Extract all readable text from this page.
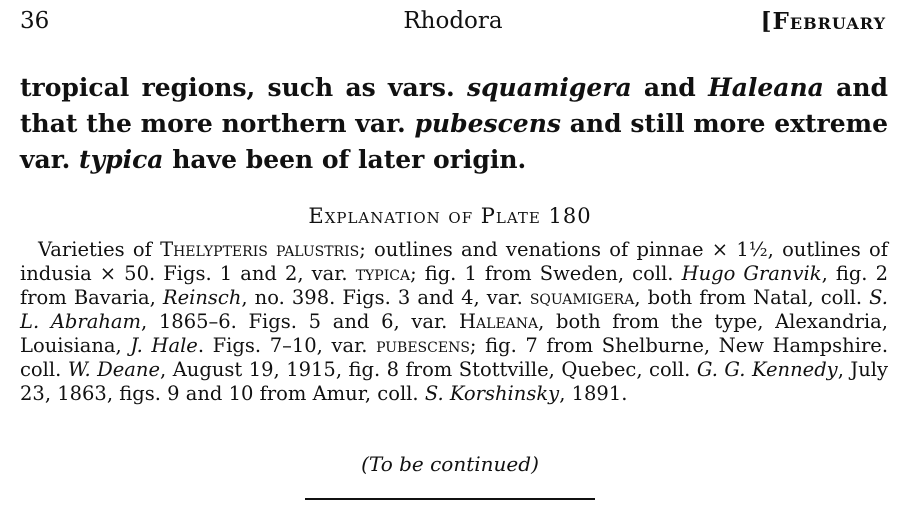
36	Rhodora	[February
tropical regions, such as vars. squamigera and Haleana and that the more northern var. pubescens and still more extreme var. typica have been of later origin.
Explanation of Plate 180

Varieties of Thelypteris palustris; outlines and venations of pinnae × 1½, outlines of indusia × 50. Figs. 1 and 2, var. typica; fig. 1 from Sweden, coll. Hugo Granvik, fig. 2 from Bavaria, Reinsch, no. 398. Figs. 3 and 4, var. squamigera, both from Natal, coll. S. L. Abraham, 1865–6. Figs. 5 and 6, var. Haleana, both from the type, Alexandria, Louisiana, J. Hale. Figs. 7–10, var. pubescens; fig. 7 from Shelburne, New Hampshire. coll. W. Deane, August 19, 1915, fig. 8 from Stottville, Quebec, coll. G. G. Kennedy, July 23, 1863, figs. 9 and 10 from Amur, coll. S. Korshinsky, 1891.

(To be continued)
